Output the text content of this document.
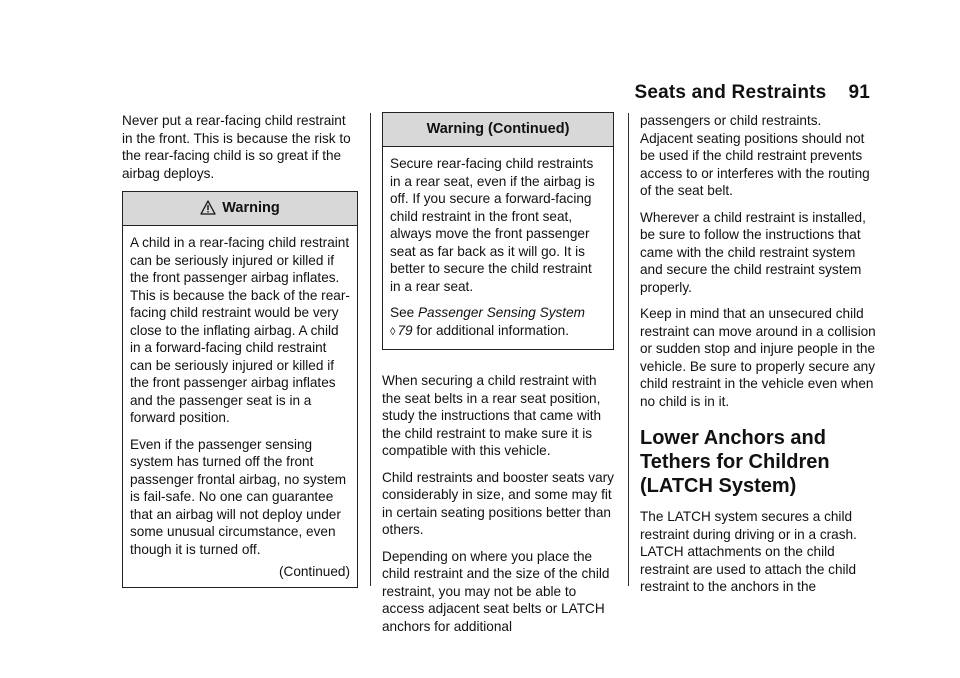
Seats and Restraints 91

Never put a rear-facing child restraint in the front. This is because the risk to the rear-facing child is so great if the airbag deploys.

Warning

A child in a rear-facing child restraint can be seriously injured or killed if the front passenger airbag inflates. This is because the back of the rear-facing child restraint would be very close to the inflating airbag. A child in a forward-facing child restraint can be seriously injured or killed if the front passenger airbag inflates and the passenger seat is in a forward position.

Even if the passenger sensing system has turned off the front passenger frontal airbag, no system is fail-safe. No one can guarantee that an airbag will not deploy under some unusual circumstance, even though it is turned off.

(Continued)
Warning (Continued)

Secure rear-facing child restraints in a rear seat, even if the airbag is off. If you secure a forward-facing child restraint in the front seat, always move the front passenger seat as far back as it will go. It is better to secure the child restraint in a rear seat.

See Passenger Sensing System
◊ 79 for additional information.

When securing a child restraint with the seat belts in a rear seat position, study the instructions that came with the child restraint to make sure it is compatible with this vehicle.

Child restraints and booster seats vary considerably in size, and some may fit in certain seating positions better than others.

Depending on where you place the child restraint and the size of the child restraint, you may not be able to access adjacent seat belts or LATCH anchors for additional

passengers or child restraints. Adjacent seating positions should not be used if the child restraint prevents access to or interferes with the routing of the seat belt.

Wherever a child restraint is installed, be sure to follow the instructions that came with the child restraint system and secure the child restraint system properly.

Keep in mind that an unsecured child restraint can move around in a collision or sudden stop and injure people in the vehicle. Be sure to properly secure any child restraint in the vehicle even when no child is in it.

Lower Anchors and Tethers for Children (LATCH System)

The LATCH system secures a child restraint during driving or in a crash. LATCH attachments on the child restraint are used to attach the child restraint to the anchors in the
